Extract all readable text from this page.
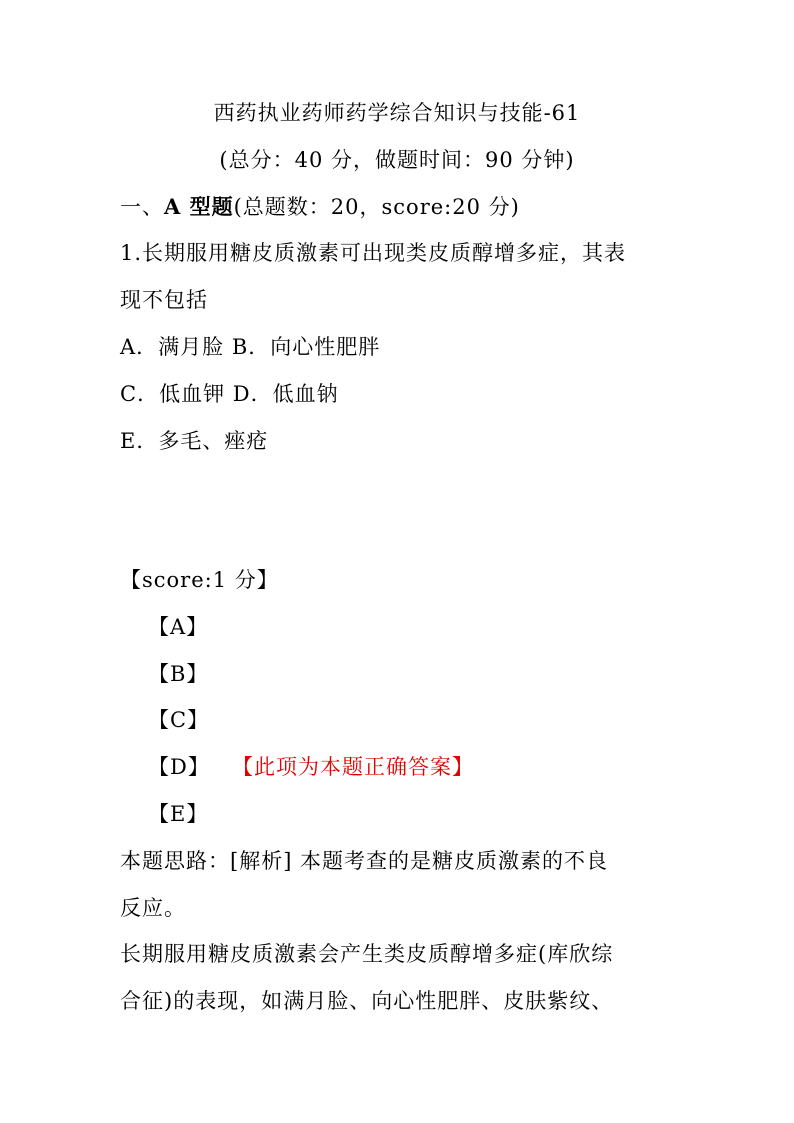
西药执业药师药学综合知识与技能-61
(总分：40 分，做题时间：90 分钟)
一、A 型题(总题数：20，score:20 分)
1.长期服用糖皮质激素可出现类皮质醇增多症，其表
现不包括
A．满月脸 B．向心性肥胖
C．低血钾 D．低血钠
E．多毛、痤疮
【score:1 分】
【A】
【B】
【C】
【D】 【此项为本题正确答案】
【E】
本题思路：[解析] 本题考查的是糖皮质激素的不良
反应。
长期服用糖皮质激素会产生类皮质醇增多症(库欣综
合征)的表现，如满月脸、向心性肥胖、皮肤紫纹、
